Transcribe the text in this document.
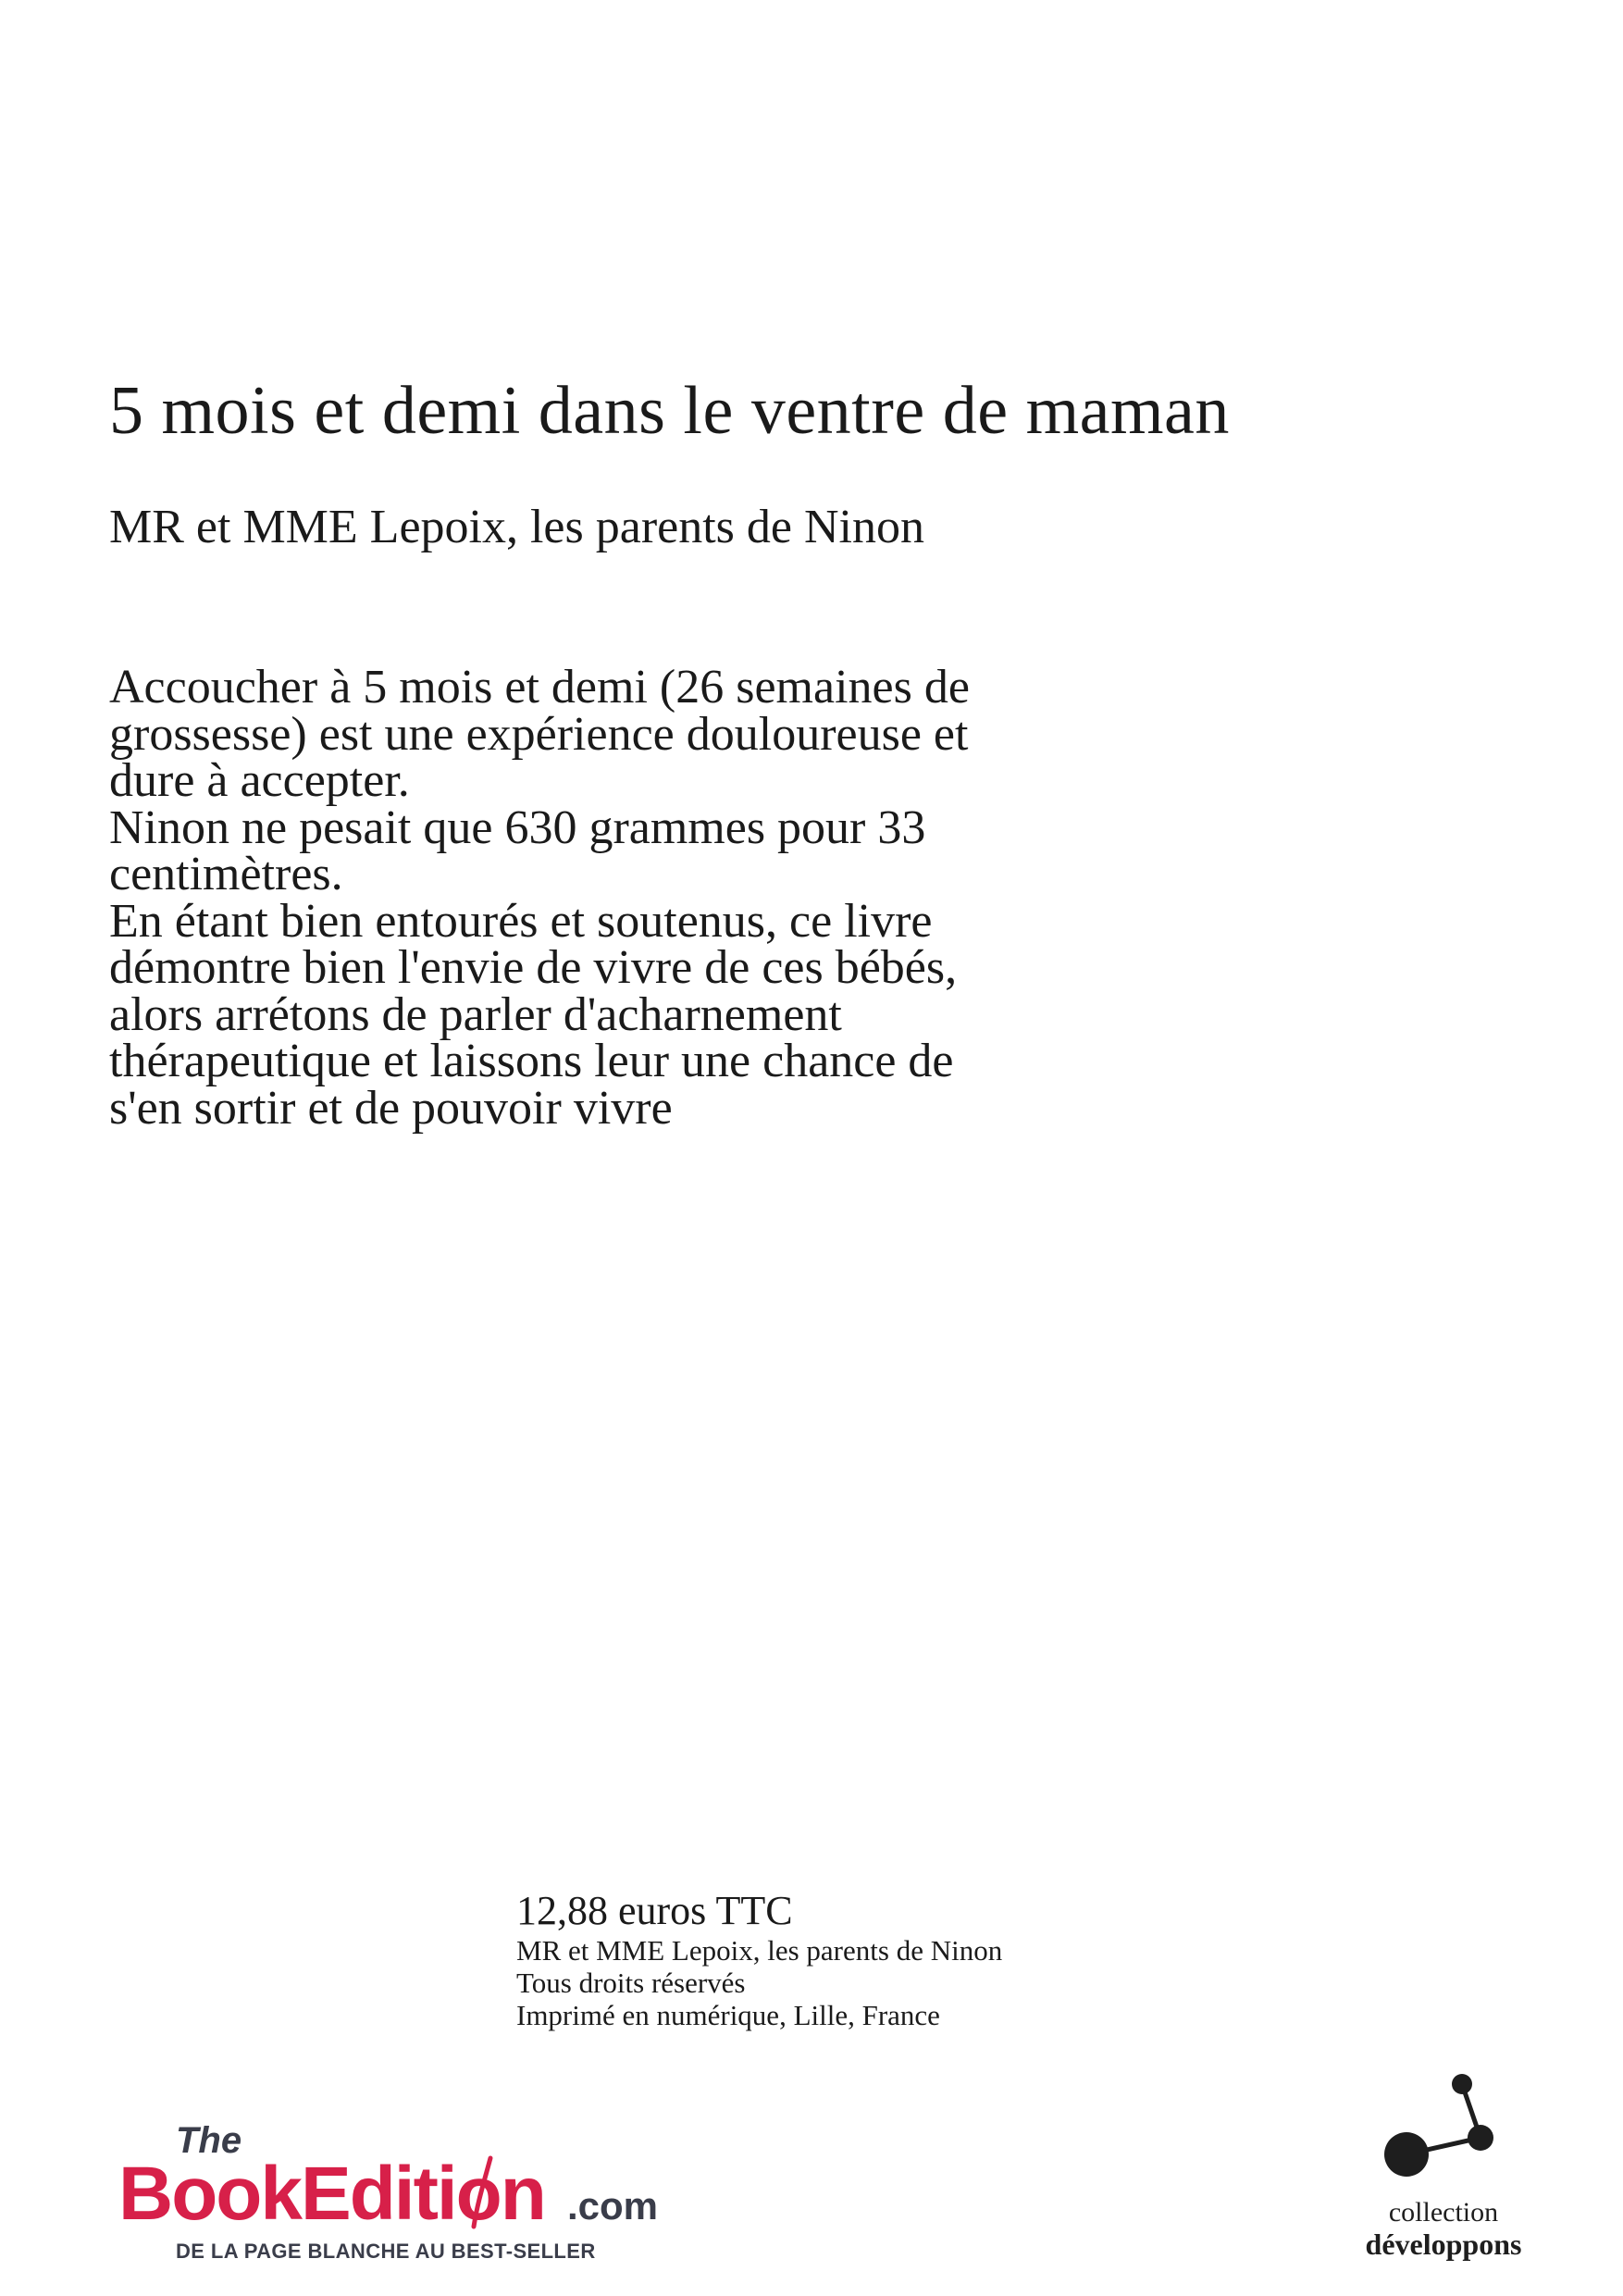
5 mois et demi dans le ventre de maman
MR et MME Lepoix, les parents de Ninon
Accoucher à 5 mois et demi (26 semaines de
grossesse) est une expérience douloureuse et
dure à accepter.
Ninon ne pesait que 630 grammes pour 33
centimètres.
En étant bien entourés et soutenus, ce livre
démontre bien l'envie de vivre de ces bébés,
alors arrétons de parler d'acharnement
thérapeutique et laissons leur une chance de
s'en sortir et de pouvoir vivre
12,88 euros TTC
MR et MME Lepoix, les parents de Ninon
Tous droits réservés
Imprimé en numérique, Lille, France
The
BookEdition .com
DE LA PAGE BLANCHE AU BEST-SELLER
collection
développons
